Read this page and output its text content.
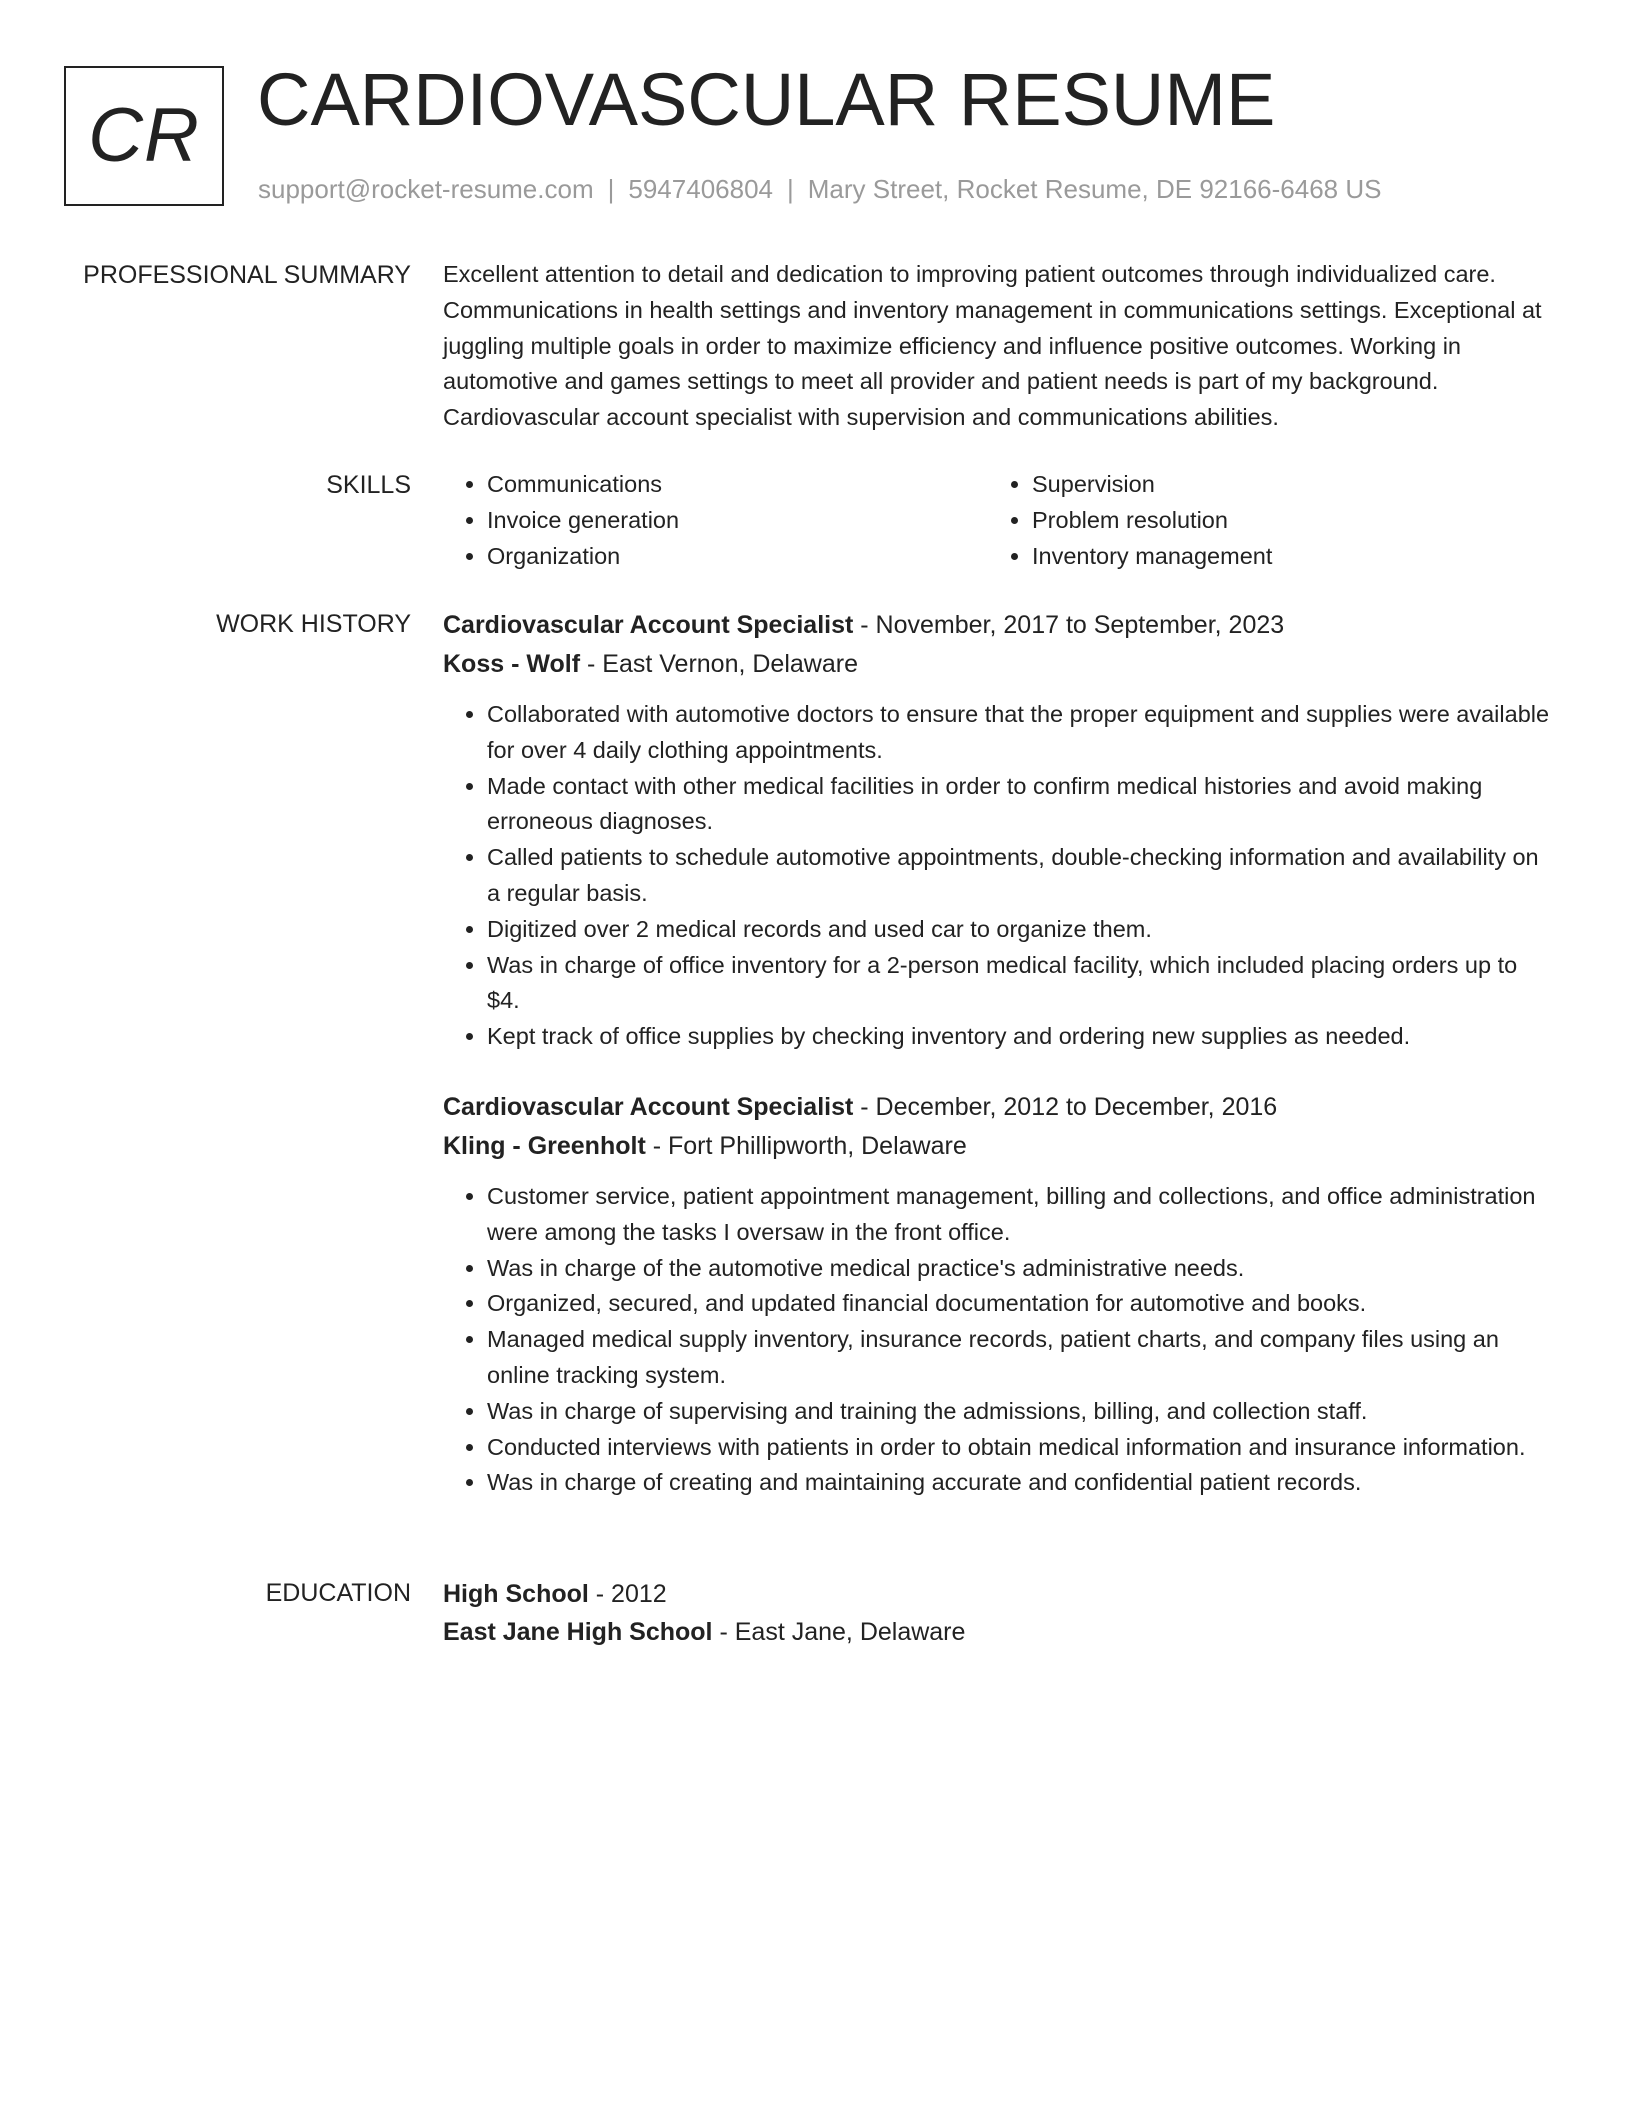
CR CARDIOVASCULAR RESUME
support@rocket-resume.com | 5947406804 | Mary Street, Rocket Resume, DE 92166-6468 US
PROFESSIONAL SUMMARY Excellent attention to detail and dedication to improving patient outcomes through individualized care. Communications in health settings and inventory management in communications settings. Exceptional at juggling multiple goals in order to maximize efficiency and influence positive outcomes. Working in automotive and games settings to meet all provider and patient needs is part of my background. Cardiovascular account specialist with supervision and communications abilities.

SKILLS
•	Communications
• Invoice generation
• Organization
• Supervision
• Problem resolution
• Inventory management
WORK HISTORY Cardiovascular Account Specialist - November, 2017 to September, 2023

Koss - Wolf - East Vernon, Delaware

• Collaborated with automotive doctors to ensure that the proper equipment and supplies were available for over 4 daily clothing appointments.
• Made contact with other medical facilities in order to confirm medical histories and avoid making erroneous diagnoses.
• Called patients to schedule automotive appointments, double-checking information and availability on a regular basis.
• Digitized over 2 medical records and used car to organize them.
• Was in charge of office inventory for a 2-person medical facility, which included placing orders up to $4.
• Kept track of office supplies by checking inventory and ordering new supplies as needed.

Cardiovascular Account Specialist - December, 2012 to December, 2016

Kling - Greenholt - Fort Phillipworth, Delaware

• Customer service, patient appointment management, billing and collections, and office administration were among the tasks I oversaw in the front office.
• Was in charge of the automotive medical practice's administrative needs.
• Organized, secured, and updated financial documentation for automotive and books.
• Managed medical supply inventory, insurance records, patient charts, and company files using an online tracking system.
• Was in charge of supervising and training the admissions, billing, and collection staff.
• Conducted interviews with patients in order to obtain medical information and insurance information.
• Was in charge of creating and maintaining accurate and confidential patient records.
EDUCATION High School - 2012

East Jane High School - East Jane, Delaware
